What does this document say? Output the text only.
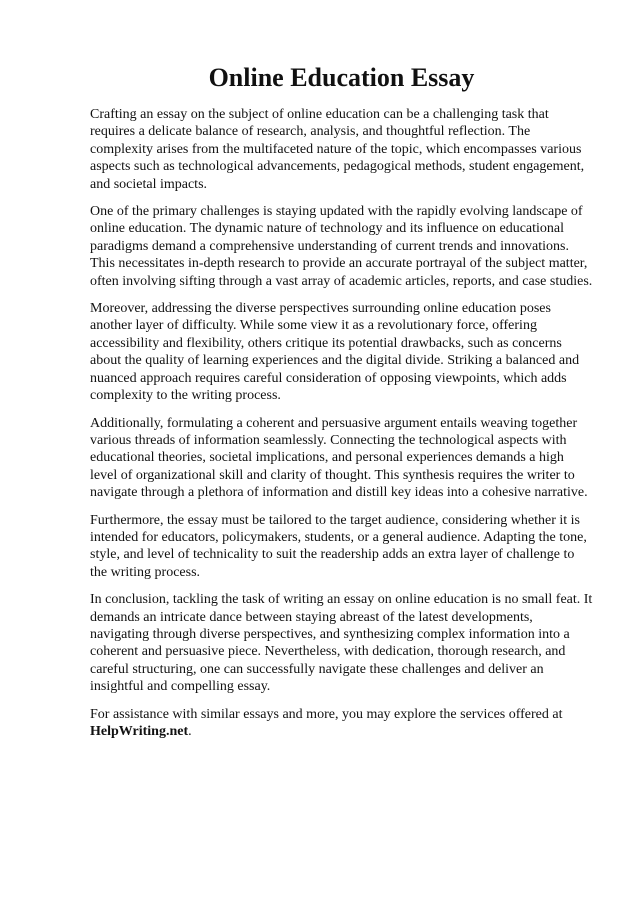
Online Education Essay

Crafting an essay on the subject of online education can be a challenging task that requires a delicate balance of research, analysis, and thoughtful reflection. The complexity arises from the multifaceted nature of the topic, which encompasses various aspects such as technological advancements, pedagogical methods, student engagement, and societal impacts.

One of the primary challenges is staying updated with the rapidly evolving landscape of online education. The dynamic nature of technology and its influence on educational paradigms demand a comprehensive understanding of current trends and innovations. This necessitates in-depth research to provide an accurate portrayal of the subject matter, often involving sifting through a vast array of academic articles, reports, and case studies.

Moreover, addressing the diverse perspectives surrounding online education poses another layer of difficulty. While some view it as a revolutionary force, offering accessibility and flexibility, others critique its potential drawbacks, such as concerns about the quality of learning experiences and the digital divide. Striking a balanced and nuanced approach requires careful consideration of opposing viewpoints, which adds complexity to the writing process.

Additionally, formulating a coherent and persuasive argument entails weaving together various threads of information seamlessly. Connecting the technological aspects with educational theories, societal implications, and personal experiences demands a high level of organizational skill and clarity of thought. This synthesis requires the writer to navigate through a plethora of information and distill key ideas into a cohesive narrative.

Furthermore, the essay must be tailored to the target audience, considering whether it is intended for educators, policymakers, students, or a general audience. Adapting the tone, style, and level of technicality to suit the readership adds an extra layer of challenge to the writing process.

In conclusion, tackling the task of writing an essay on online education is no small feat. It demands an intricate dance between staying abreast of the latest developments, navigating through diverse perspectives, and synthesizing complex information into a coherent and persuasive piece. Nevertheless, with dedication, thorough research, and careful structuring, one can successfully navigate these challenges and deliver an insightful and compelling essay.

For assistance with similar essays and more, you may explore the services offered at
HelpWriting.net.
